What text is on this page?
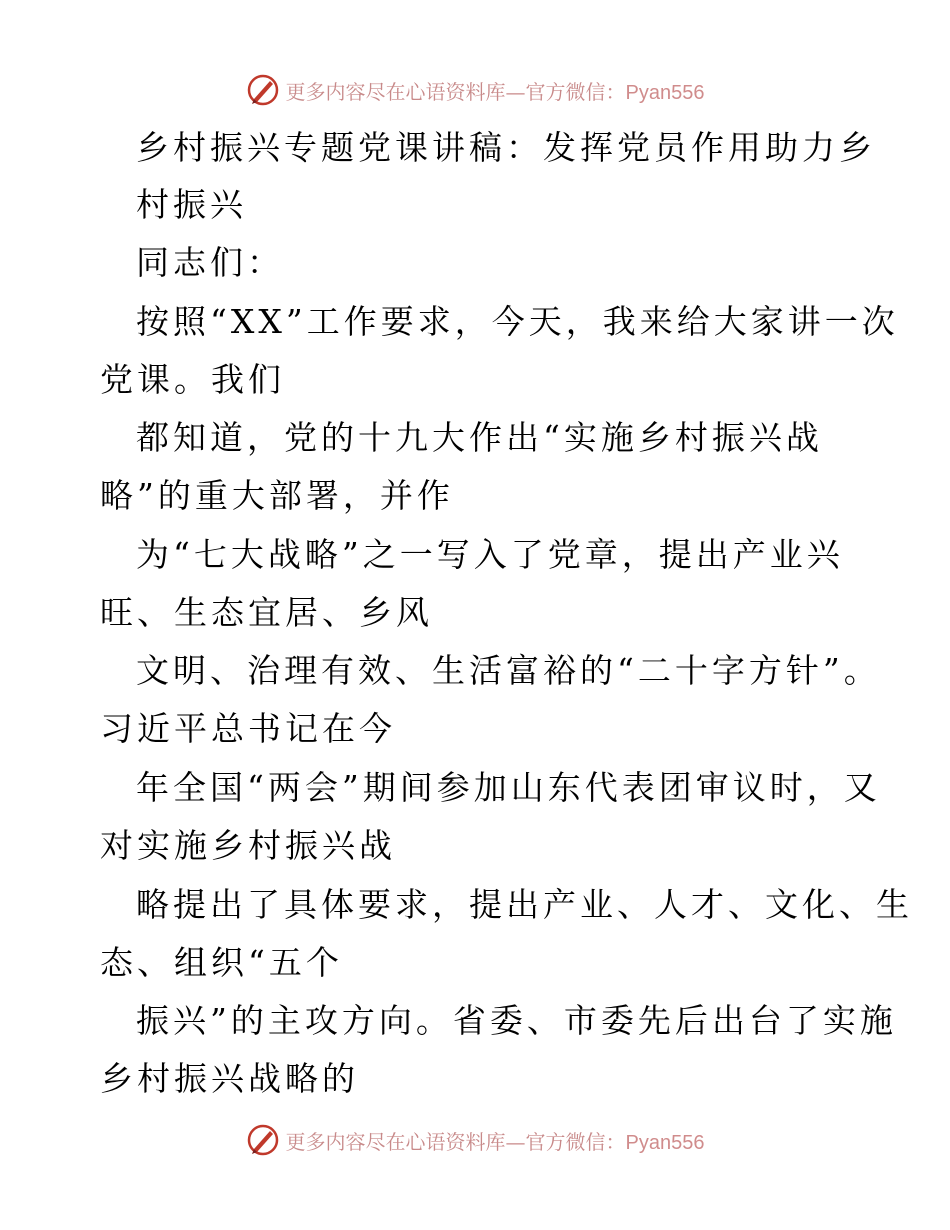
更多内容尽在心语资料库—官方微信：Pyan556
乡村振兴专题党课讲稿：发挥党员作用助力乡
村振兴
同志们：
按照“XX”工作要求，今天，我来给大家讲一次
党课。我们
都知道，党的十九大作出“实施乡村振兴战
略”的重大部署，并作
为“七大战略”之一写入了党章，提出产业兴
旺、生态宜居、乡风
文明、治理有效、生活富裕的“二十字方针”。
习近平总书记在今
年全国“两会”期间参加山东代表团审议时，又
对实施乡村振兴战
略提出了具体要求，提出产业、人才、文化、生
态、组织“五个
振兴”的主攻方向。省委、市委先后出台了实施
乡村振兴战略的
更多内容尽在心语资料库—官方微信：Pyan556
